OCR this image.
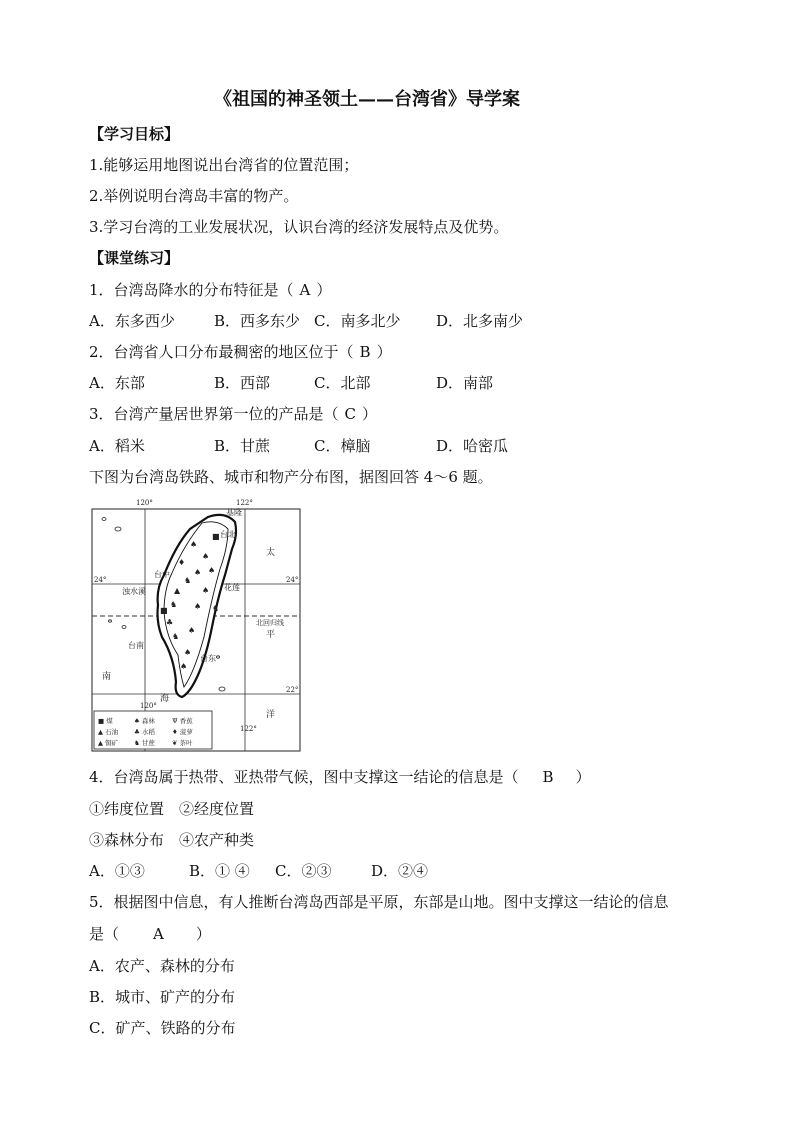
《祖国的神圣领土——台湾省》导学案
【学习目标】
1.能够运用地图说出台湾省的位置范围；
2.举例说明台湾岛丰富的物产。
3.学习台湾的工业发展状况，认识台湾的经济发展特点及优势。
【课堂练习】
1．台湾岛降水的分布特征是（ A ）
A．东多西少	B．西多东少 C．南多北少 D．北多南少
2．台湾省人口分布最稠密的地区位于（ B ）
A．东部	B．西部	C．北部	D．南部
3．台湾产量居世界第一位的产品是（ C ）
A．稻米	B．甘蔗	C．樟脑	D．哈密瓜
下图为台湾岛铁路、城市和物产分布图，据图回答 4～6 题。
♠
♠
♠
♠
♠
♠
♠
♠
■
▲
♞
♣
♞
■
♠
♦
♞
♞
120°	122°
120°
122°
24°	24°
22°
基隆
台北
台中
浊水溪	花莲
台南
台东
太
平
洋
南
海
北回归线
■ 煤
▲ 石油
▲ 铜矿
♠ 森林
♣ 水稻
♞ 甘蔗
Ψ 香蕉
♦ 菠萝
❦ 茶叶
4．台湾岛属于热带、亚热带气候，图中支撑这一结论的信息是（ B ）
①纬度位置　②经度位置
③森林分布　④农产种类
A．①③	B．① ④ C．②③	D．②④
5．根据图中信息，有人推断台湾岛西部是平原，东部是山地。图中支撑这一结论的信息
是（ A ）
A．农产、森林的分布
B．城市、矿产的分布
C．矿产、铁路的分布
